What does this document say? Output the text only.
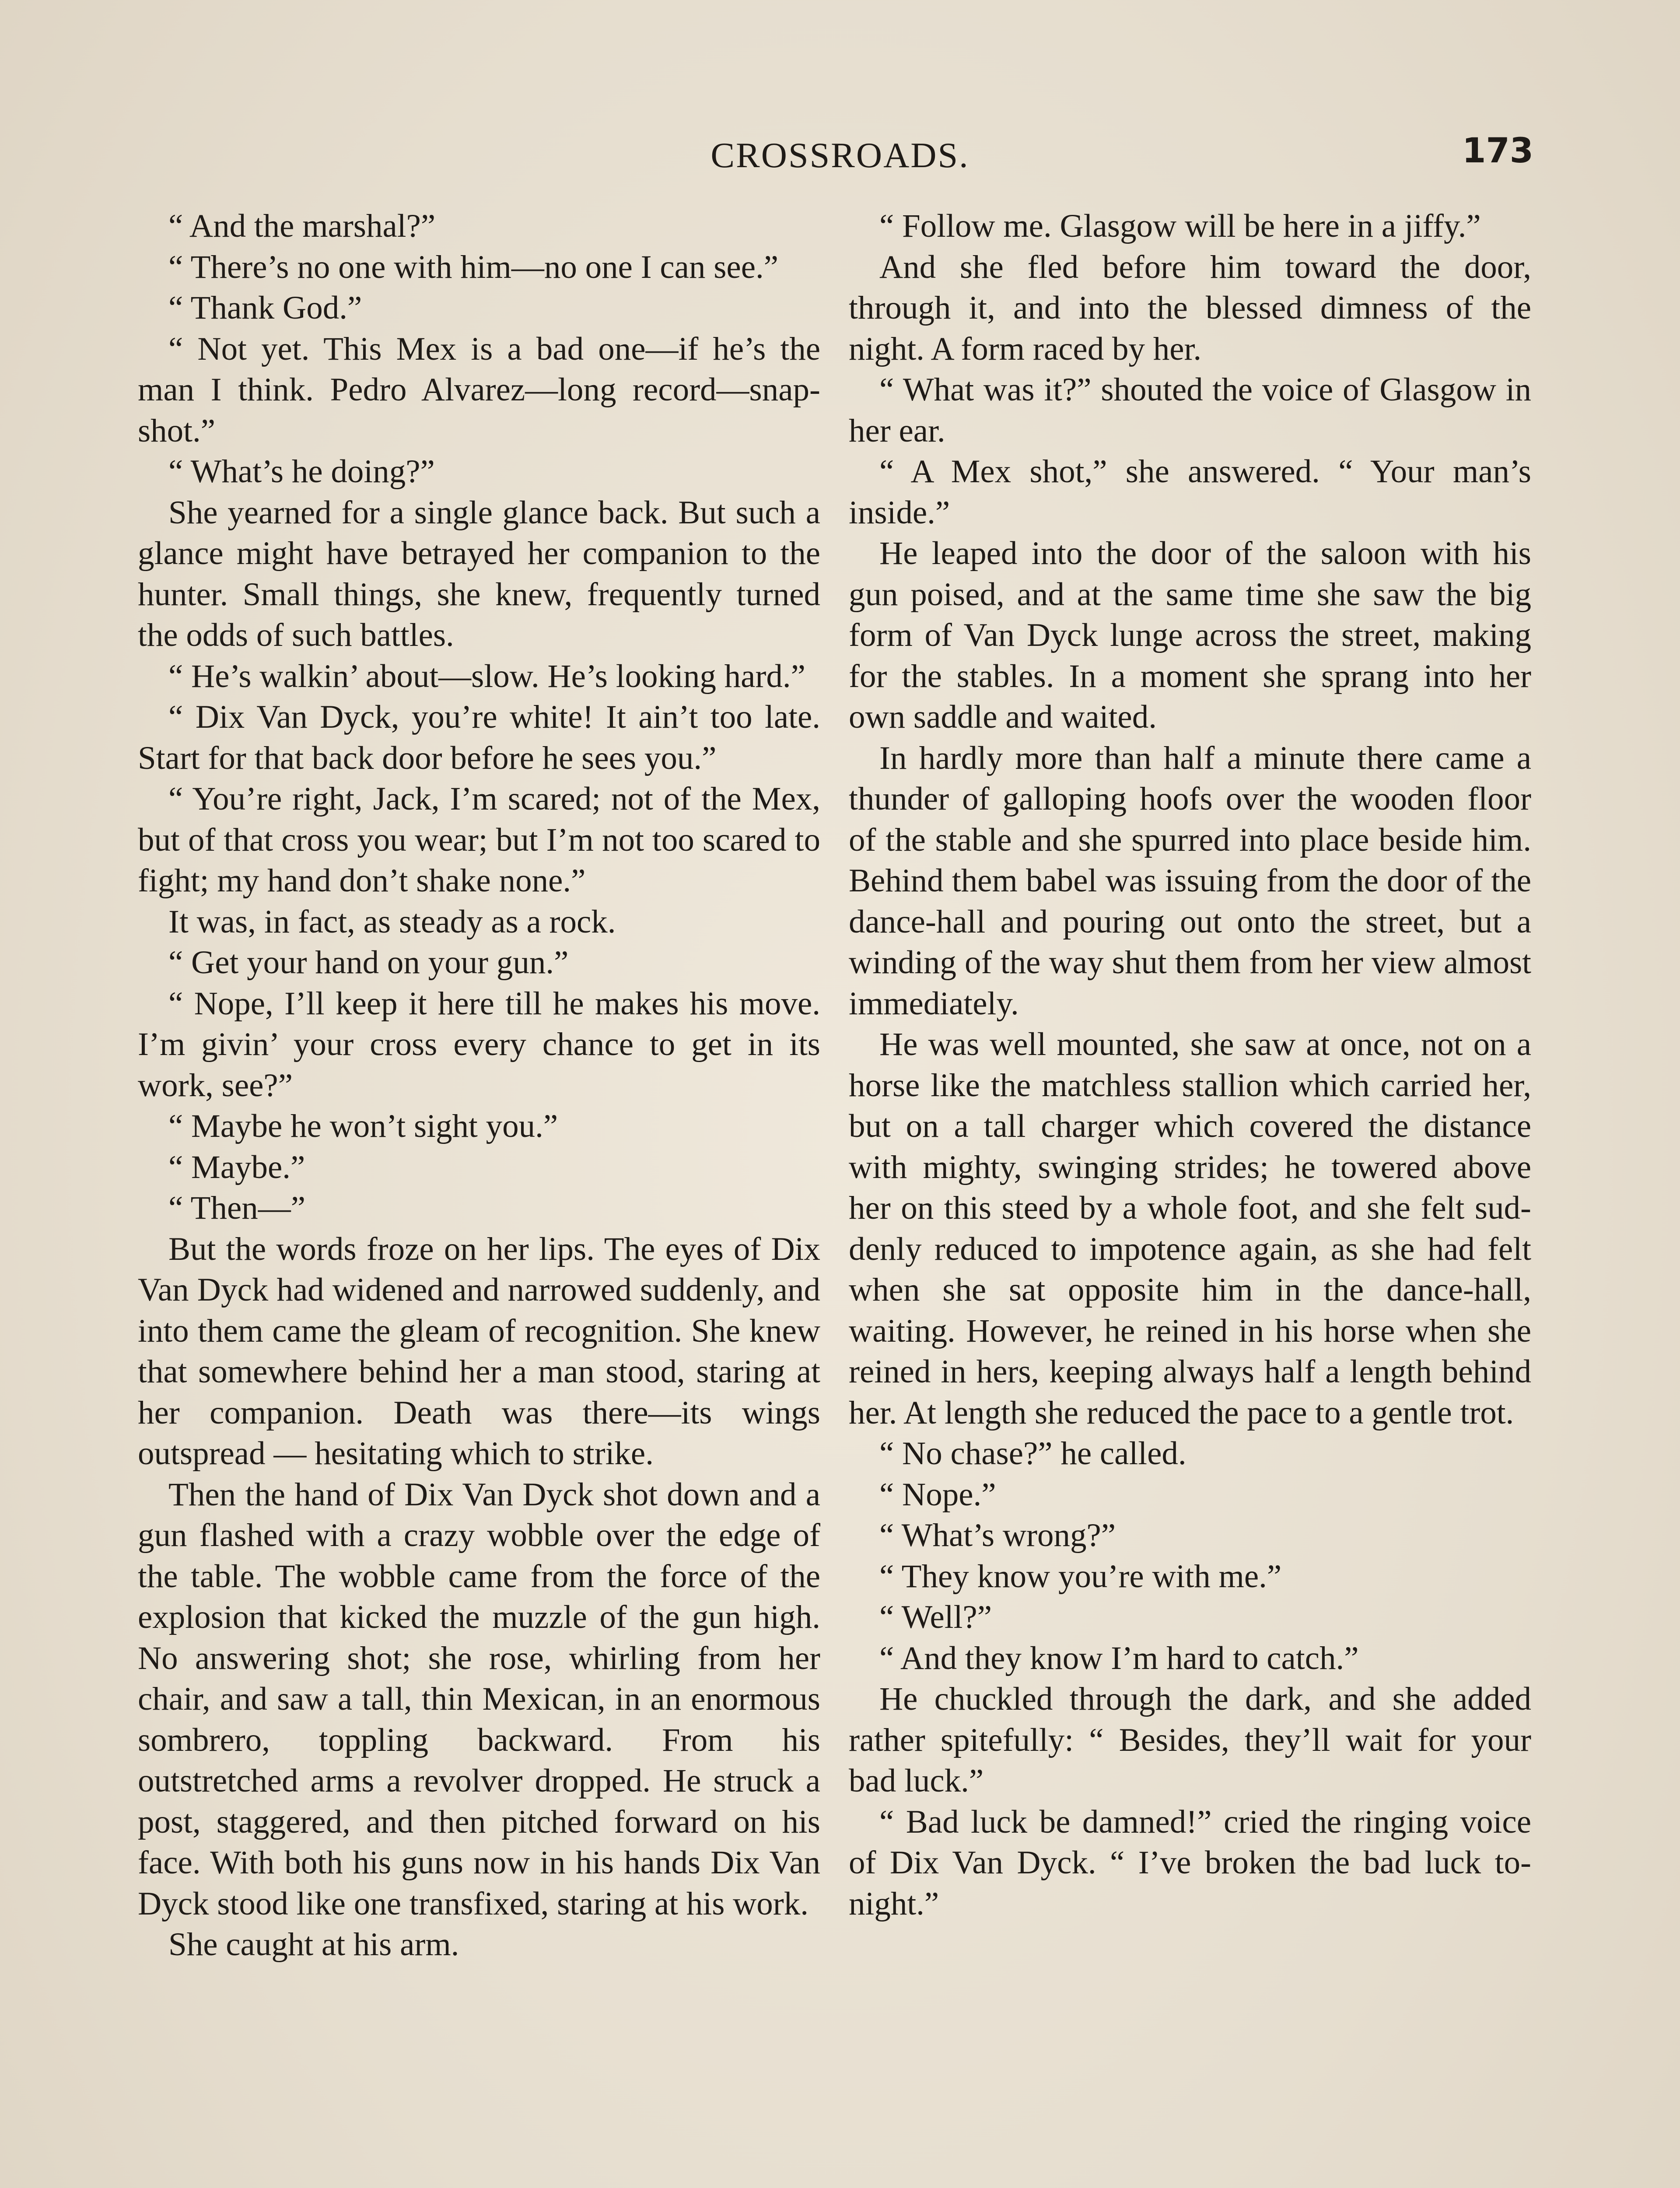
CROSSROADS.	173

“ And the marshal?”

“ There’s no one with him—no one I can see.”

“ Thank God.”

“ Not yet. This Mex is a bad one—if he’s the man I think. Pedro Alvarez—long record—snap-shot.”

“ What’s he doing?”

She yearned for a single glance back. But such a glance might have betrayed her companion to the hunter. Small things, she knew, frequently turned the odds of such battles.

“ He’s walkin’ about—slow. He’s looking hard.”

“ Dix Van Dyck, you’re white! It ain’t too late. Start for that back door before he sees you.”

“ You’re right, Jack, I’m scared; not of the Mex, but of that cross you wear; but I’m not too scared to fight; my hand don’t shake none.”

It was, in fact, as steady as a rock.

“ Get your hand on your gun.”

“ Nope, I’ll keep it here till he makes his move. I’m givin’ your cross every chance to get in its work, see?”

“ Maybe he won’t sight you.”

“ Maybe.”

“ Then—”

But the words froze on her lips. The eyes of Dix Van Dyck had widened and narrowed suddenly, and into them came the gleam of recognition. She knew that somewhere behind her a man stood, staring at her companion. Death was there—its wings outspread — hesitating which to strike.

Then the hand of Dix Van Dyck shot down and a gun flashed with a crazy wobble over the edge of the table. The wobble came from the force of the explosion that kicked the muzzle of the gun high. No answering shot; she rose, whirling from her chair, and saw a tall, thin Mexican, in an enormous sombrero, toppling backward. From his outstretched arms a revolver dropped. He struck a post, staggered, and then pitched forward on his face. With both his guns now in his hands Dix Van Dyck stood like one transfixed, staring at his work.

She caught at his arm.

“ Follow me. Glasgow will be here in a jiffy.”

And she fled before him toward the door, through it, and into the blessed dimness of the night. A form raced by her.

“ What was it?” shouted the voice of Glasgow in her ear.

“ A Mex shot,” she answered. “ Your man’s inside.”

He leaped into the door of the saloon with his gun poised, and at the same time she saw the big form of Van Dyck lunge across the street, making for the stables. In a moment she sprang into her own saddle and waited.

In hardly more than half a minute there came a thunder of galloping hoofs over the wooden floor of the stable and she spurred into place beside him. Behind them babel was issuing from the door of the dance-hall and pouring out onto the street, but a winding of the way shut them from her view almost immediately.

He was well mounted, she saw at once, not on a horse like the matchless stallion which carried her, but on a tall charger which covered the distance with mighty, swinging strides; he towered above her on this steed by a whole foot, and she felt suddenly reduced to impotence again, as she had felt when she sat opposite him in the dance-hall, waiting. However, he reined in his horse when she reined in hers, keeping always half a length behind her. At length she reduced the pace to a gentle trot.

“ No chase?” he called.

“ Nope.”

“ What’s wrong?”

“ They know you’re with me.”

“ Well?”

“ And they know I’m hard to catch.”

He chuckled through the dark, and she added rather spitefully: “ Besides, they’ll wait for your bad luck.”

“ Bad luck be damned!” cried the ringing voice of Dix Van Dyck. “ I’ve broken the bad luck to-night.”
